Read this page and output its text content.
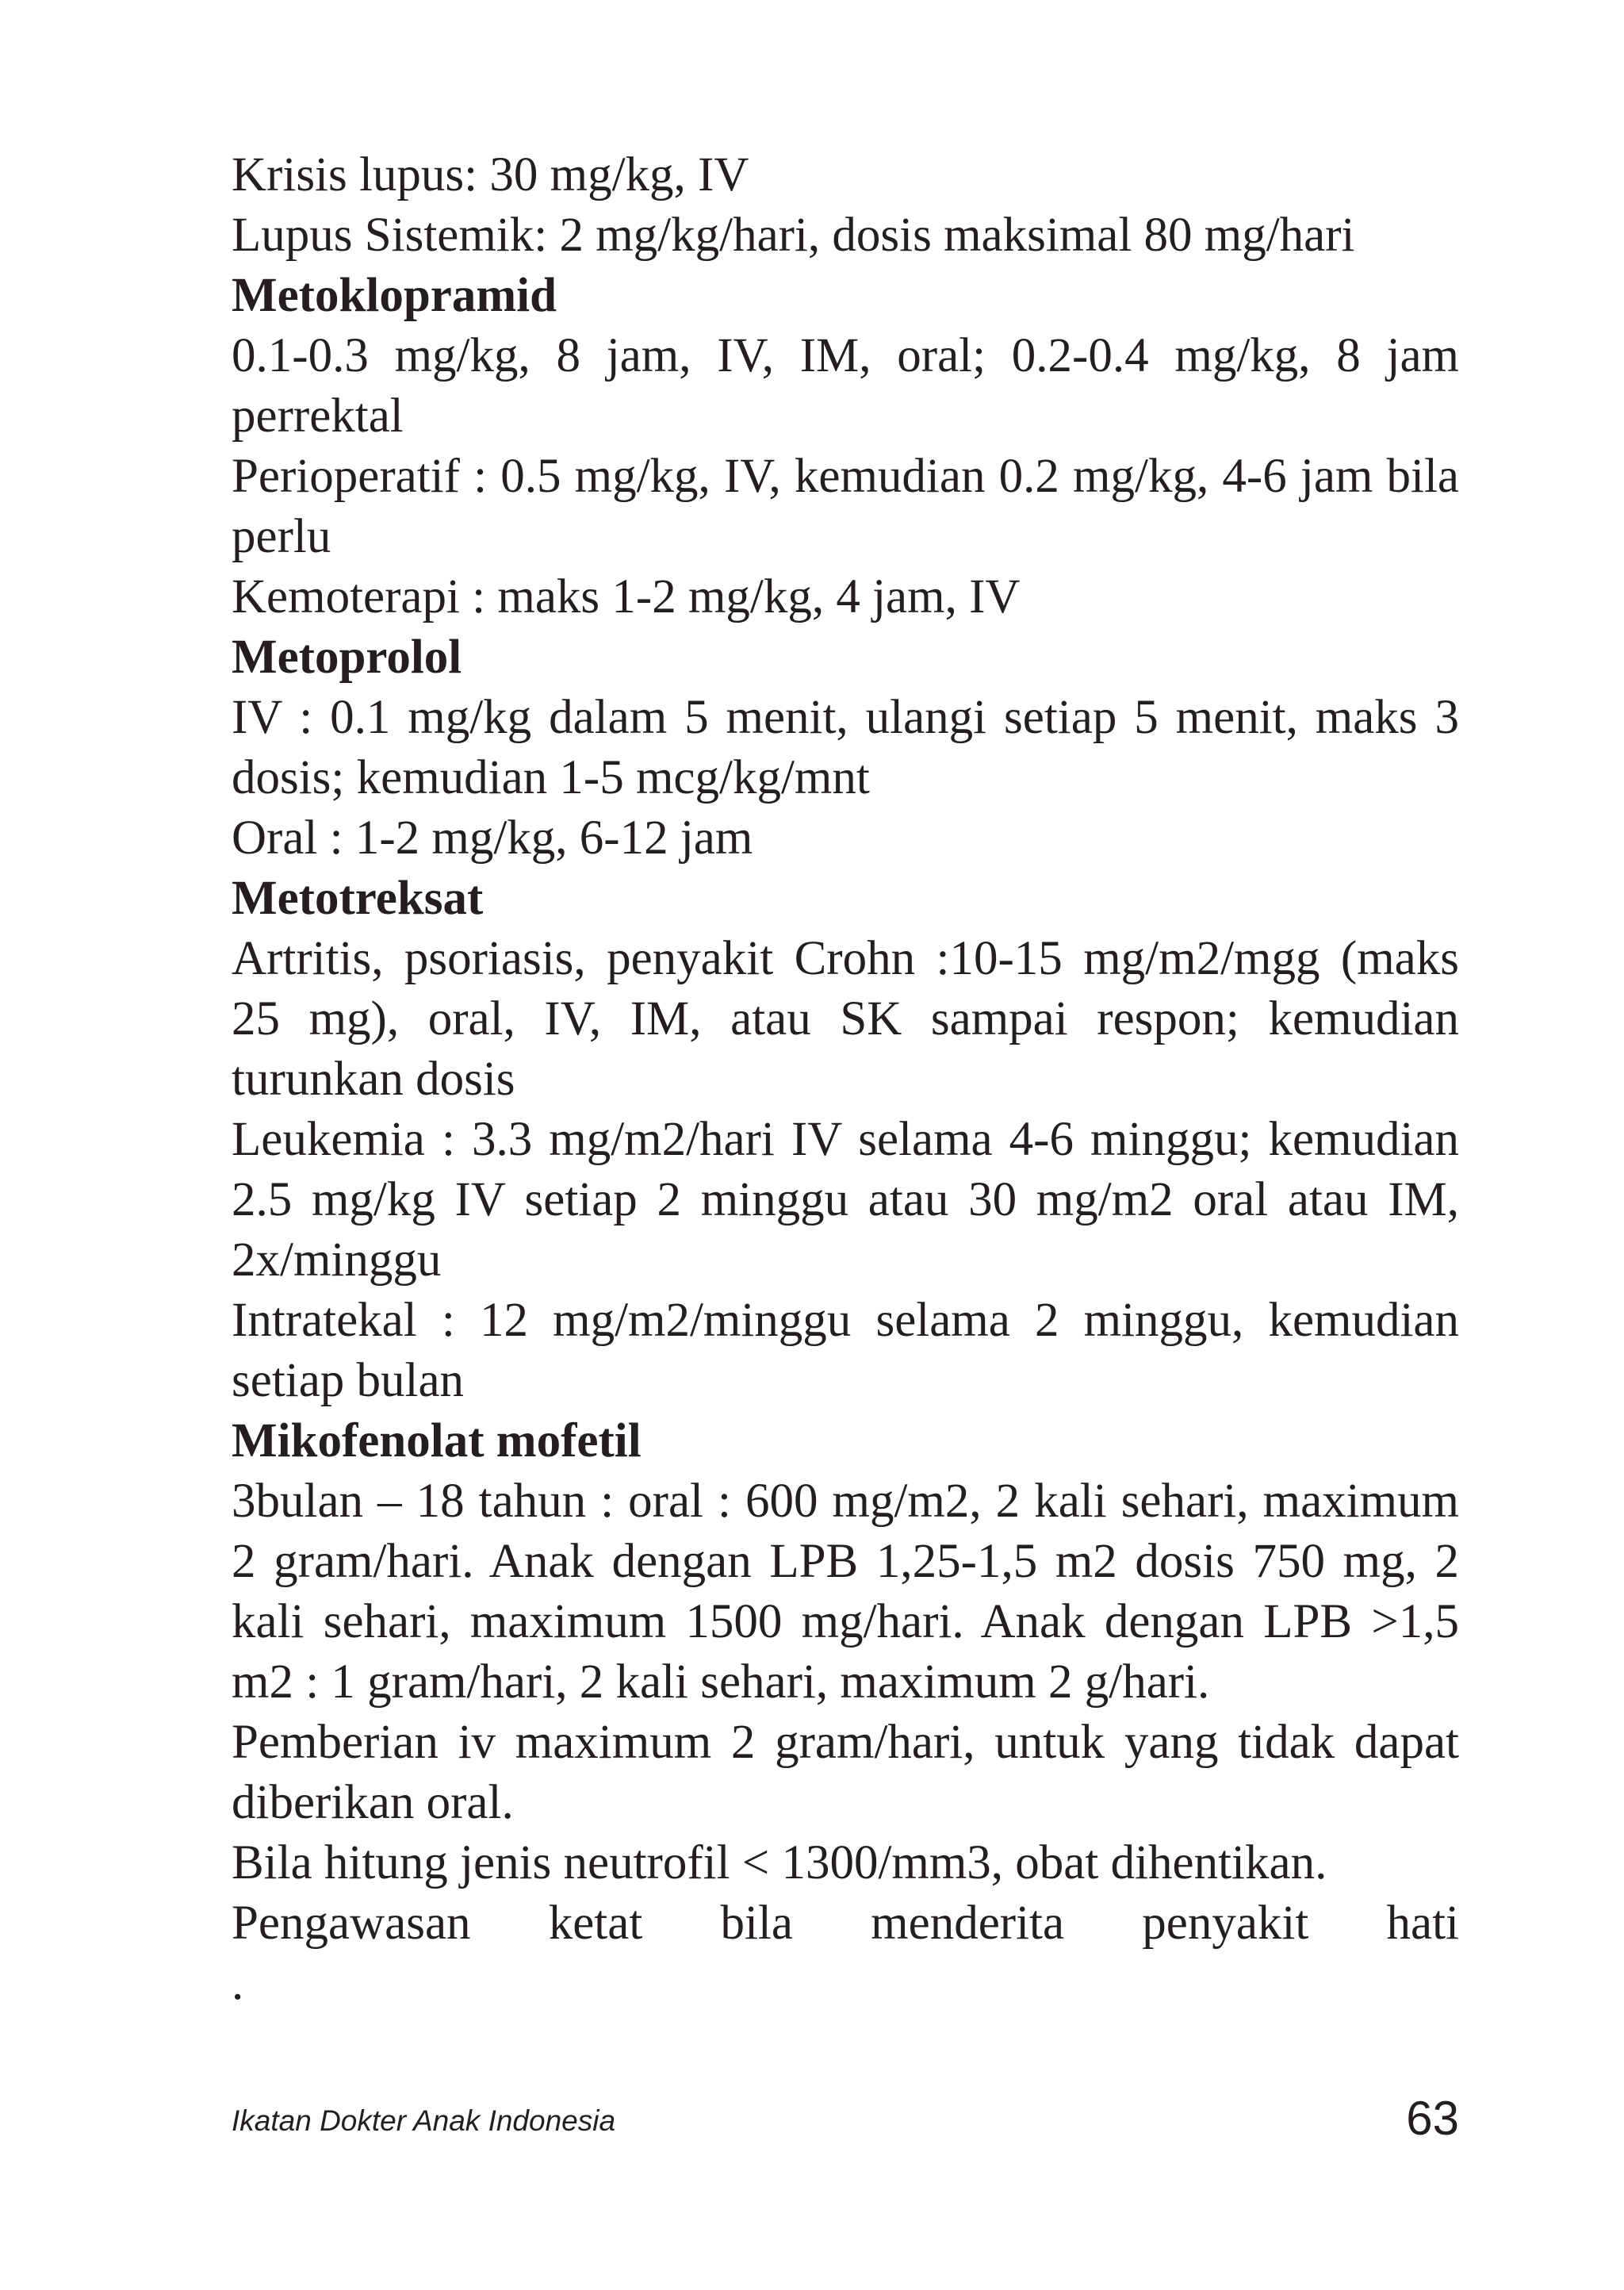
Krisis lupus: 30 mg/kg, IV

Lupus Sistemik: 2 mg/kg/hari, dosis maksimal 80 mg/hari

Metoklopramid

0.1-0.3 mg/kg, 8 jam, IV, IM, oral; 0.2-0.4 mg/kg, 8 jam perrektal

Perioperatif : 0.5 mg/kg, IV, kemudian 0.2 mg/kg, 4-6 jam bila perlu

Kemoterapi : maks 1-2 mg/kg, 4 jam, IV

Metoprolol

IV : 0.1 mg/kg dalam 5 menit, ulangi setiap 5 menit, maks 3 dosis; kemudian 1-5 mcg/kg/mnt

Oral : 1-2 mg/kg, 6-12 jam

Metotreksat

Artritis, psoriasis, penyakit Crohn :10-15 mg/m2/mgg (maks 25 mg), oral, IV, IM, atau SK sampai respon; kemudian turunkan dosis

Leukemia : 3.3 mg/m2/hari IV selama 4-6 minggu; kemudian 2.5 mg/kg IV setiap 2 minggu atau 30 mg/m2 oral atau IM, 2x/minggu

Intratekal : 12 mg/m2/minggu selama 2 minggu, kemudian setiap bulan

Mikofenolat mofetil

3bulan – 18 tahun : oral : 600 mg/m2, 2 kali sehari, maximum 2 gram/hari. Anak dengan LPB 1,25-1,5 m2 dosis 750 mg, 2 kali sehari, maximum 1500 mg/hari. Anak dengan LPB >1,5 m2 : 1 gram/hari, 2 kali sehari, maximum 2 g/hari.

Pemberian iv maximum 2 gram/hari, untuk yang tidak dapat diberikan oral.

Bila hitung jenis neutrofil < 1300/mm3, obat dihentikan.

Pengawasan ketat bila menderita penyakit hati

.

Ikatan Dokter Anak Indonesia	63
